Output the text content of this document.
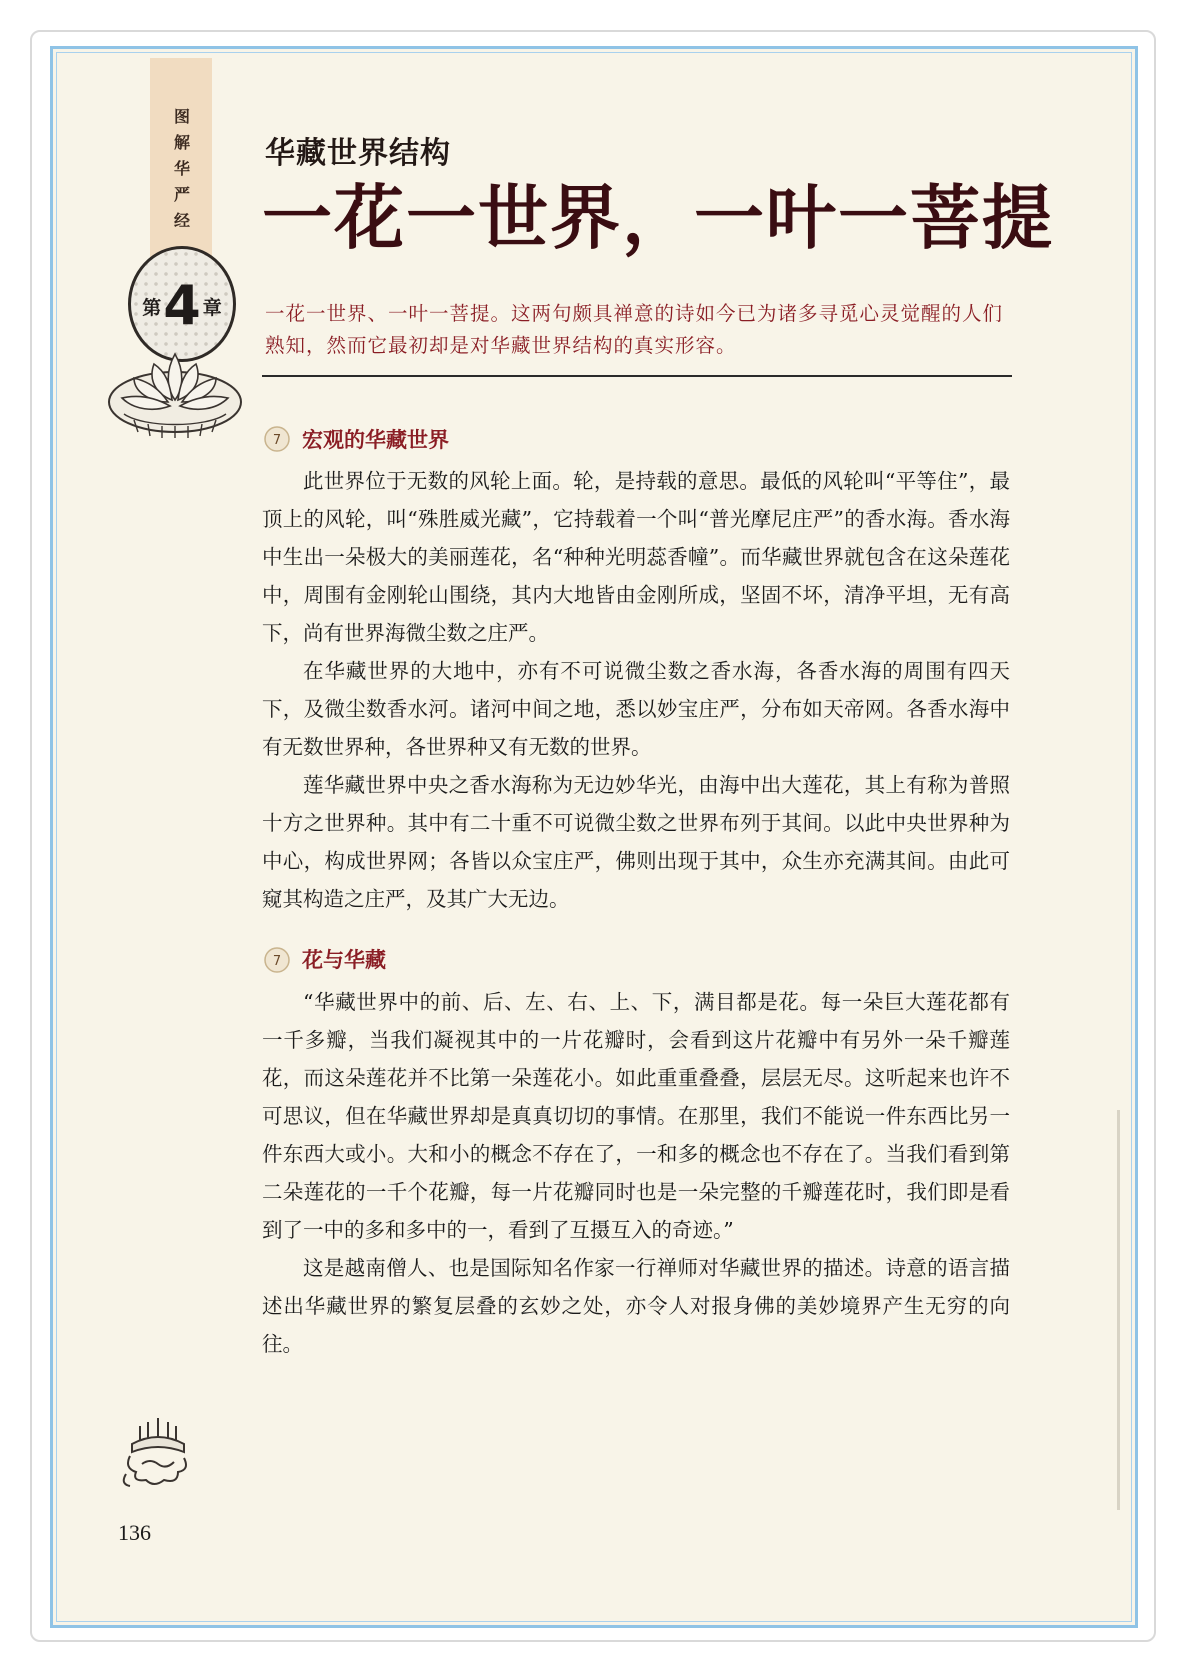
图
解
华
严
经
第 4 章
华藏世界结构
一花一世界，一叶一菩提
一花一世界、一叶一菩提。这两句颇具禅意的诗如今已为诸多寻觅心灵觉醒的人们熟知，然而它最初却是对华藏世界结构的真实形容。
7 宏观的华藏世界

此世界位于无数的风轮上面。轮，是持载的意思。最低的风轮叫“平等住”，最顶上的风轮，叫“殊胜威光藏”，它持载着一个叫“普光摩尼庄严”的香水海。香水海中生出一朵极大的美丽莲花，名“种种光明蕊香幢”。而华藏世界就包含在这朵莲花中，周围有金刚轮山围绕，其内大地皆由金刚所成，坚固不坏，清净平坦，无有高下，尚有世界海微尘数之庄严。

在华藏世界的大地中，亦有不可说微尘数之香水海，各香水海的周围有四天下，及微尘数香水河。诸河中间之地，悉以妙宝庄严，分布如天帝网。各香水海中有无数世界种，各世界种又有无数的世界。

莲华藏世界中央之香水海称为无边妙华光，由海中出大莲花，其上有称为普照十方之世界种。其中有二十重不可说微尘数之世界布列于其间。以此中央世界种为中心，构成世界网；各皆以众宝庄严，佛则出现于其中，众生亦充满其间。由此可窥其构造之庄严，及其广大无边。

7 花与华藏

“华藏世界中的前、后、左、右、上、下，满目都是花。每一朵巨大莲花都有一千多瓣，当我们凝视其中的一片花瓣时，会看到这片花瓣中有另外一朵千瓣莲花，而这朵莲花并不比第一朵莲花小。如此重重叠叠，层层无尽。这听起来也许不可思议，但在华藏世界却是真真切切的事情。在那里，我们不能说一件东西比另一件东西大或小。大和小的概念不存在了，一和多的概念也不存在了。当我们看到第二朵莲花的一千个花瓣，每一片花瓣同时也是一朵完整的千瓣莲花时，我们即是看到了一中的多和多中的一，看到了互摄互入的奇迹。”

这是越南僧人、也是国际知名作家一行禅师对华藏世界的描述。诗意的语言描述出华藏世界的繁复层叠的玄妙之处，亦令人对报身佛的美妙境界产生无穷的向往。

136
